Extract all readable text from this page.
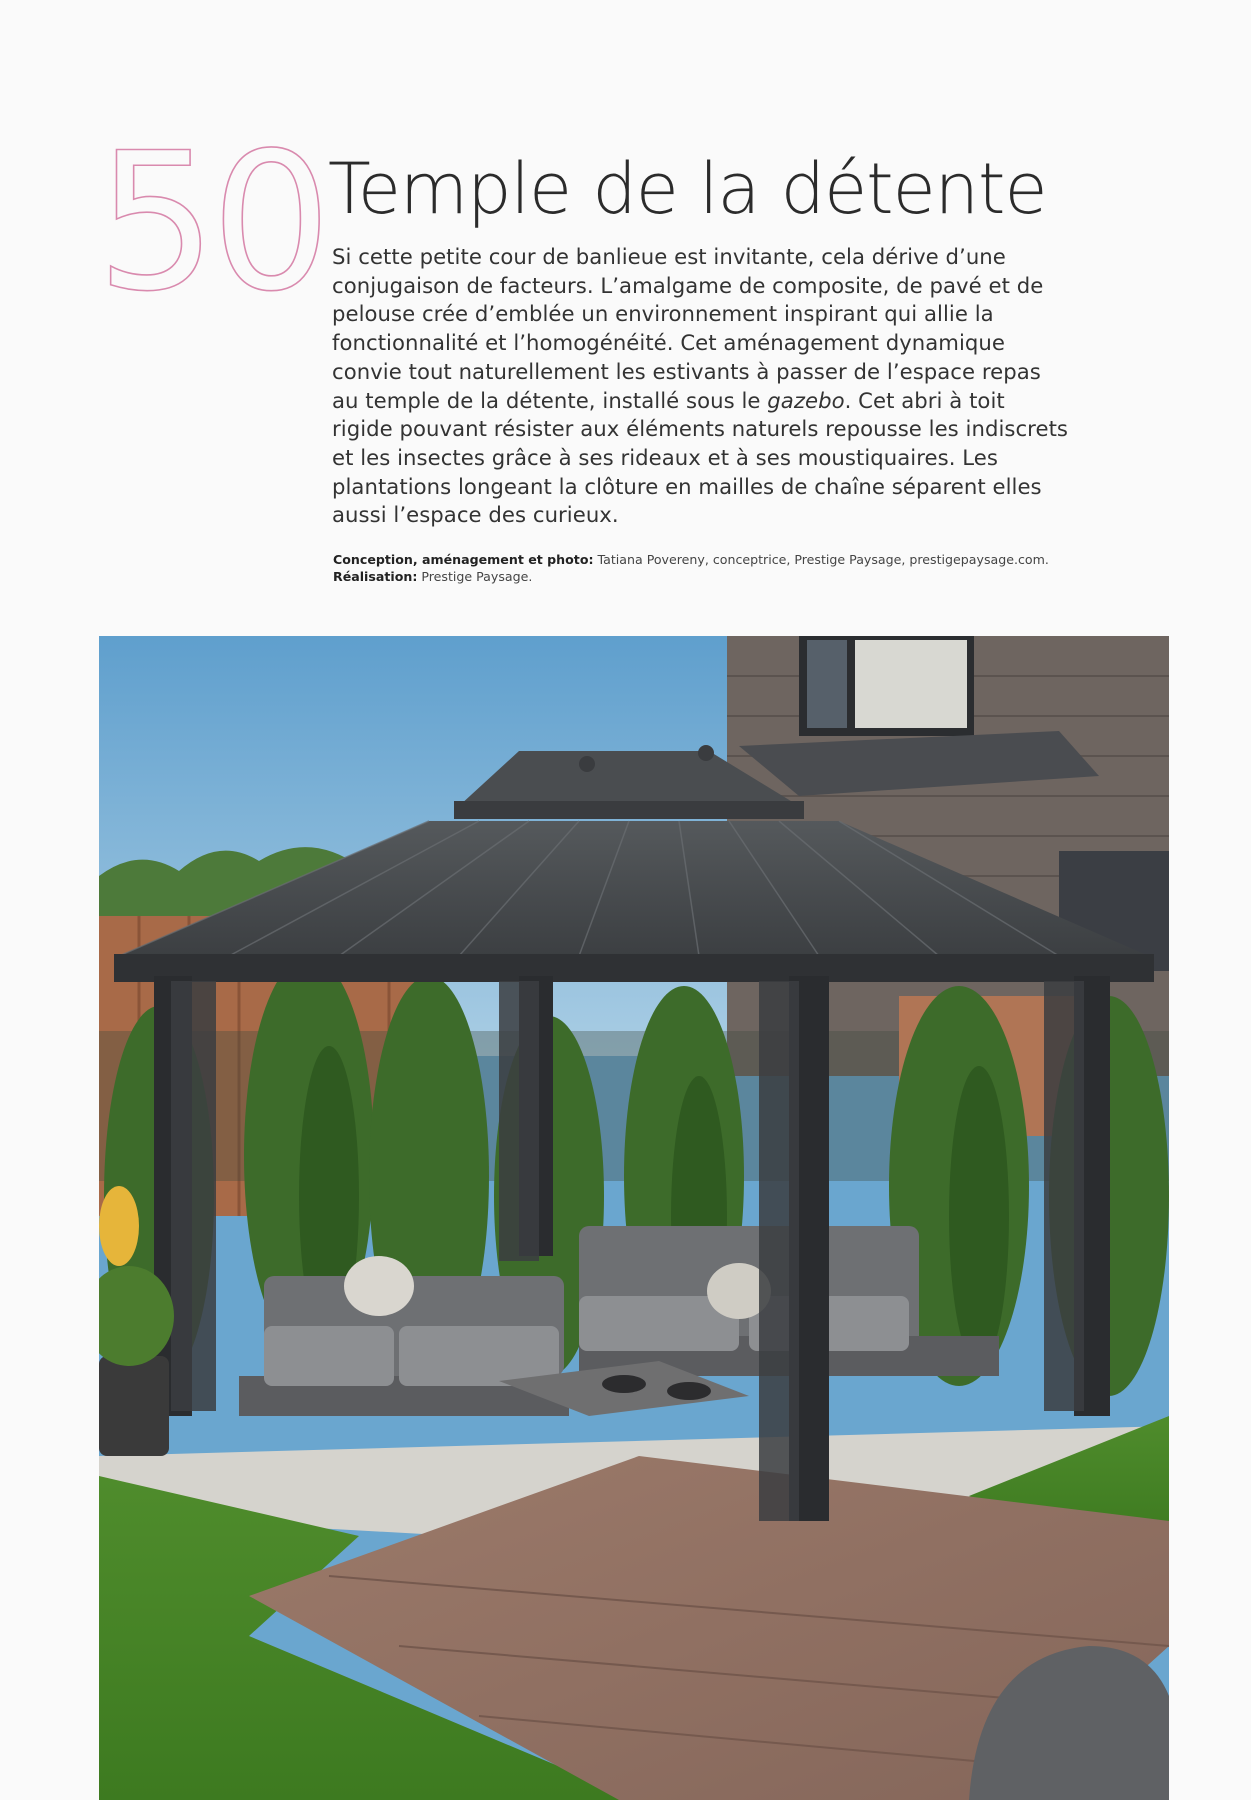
50 Temple de la détente

Si cette petite cour de banlieue est invitante, cela dérive d’une conjugaison de facteurs. L’amalgame de composite, de pavé et de pelouse crée d’emblée un environnement inspirant qui allie la fonctionnalité et l’homogénéité. Cet aménagement dynamique convie tout naturellement les estivants à passer de l’espace repas au temple de la détente, installé sous le gazebo. Cet abri à toit rigide pouvant résister aux éléments naturels repousse les indiscrets et les insectes grâce à ses rideaux et à ses moustiquaires. Les plantations longeant la clôture en mailles de chaîne séparent elles aussi l’espace des curieux.

Conception, aménagement et photo: Tatiana Povereny, conceptrice, Prestige Paysage, prestigepaysage.com.
Réalisation: Prestige Paysage.
